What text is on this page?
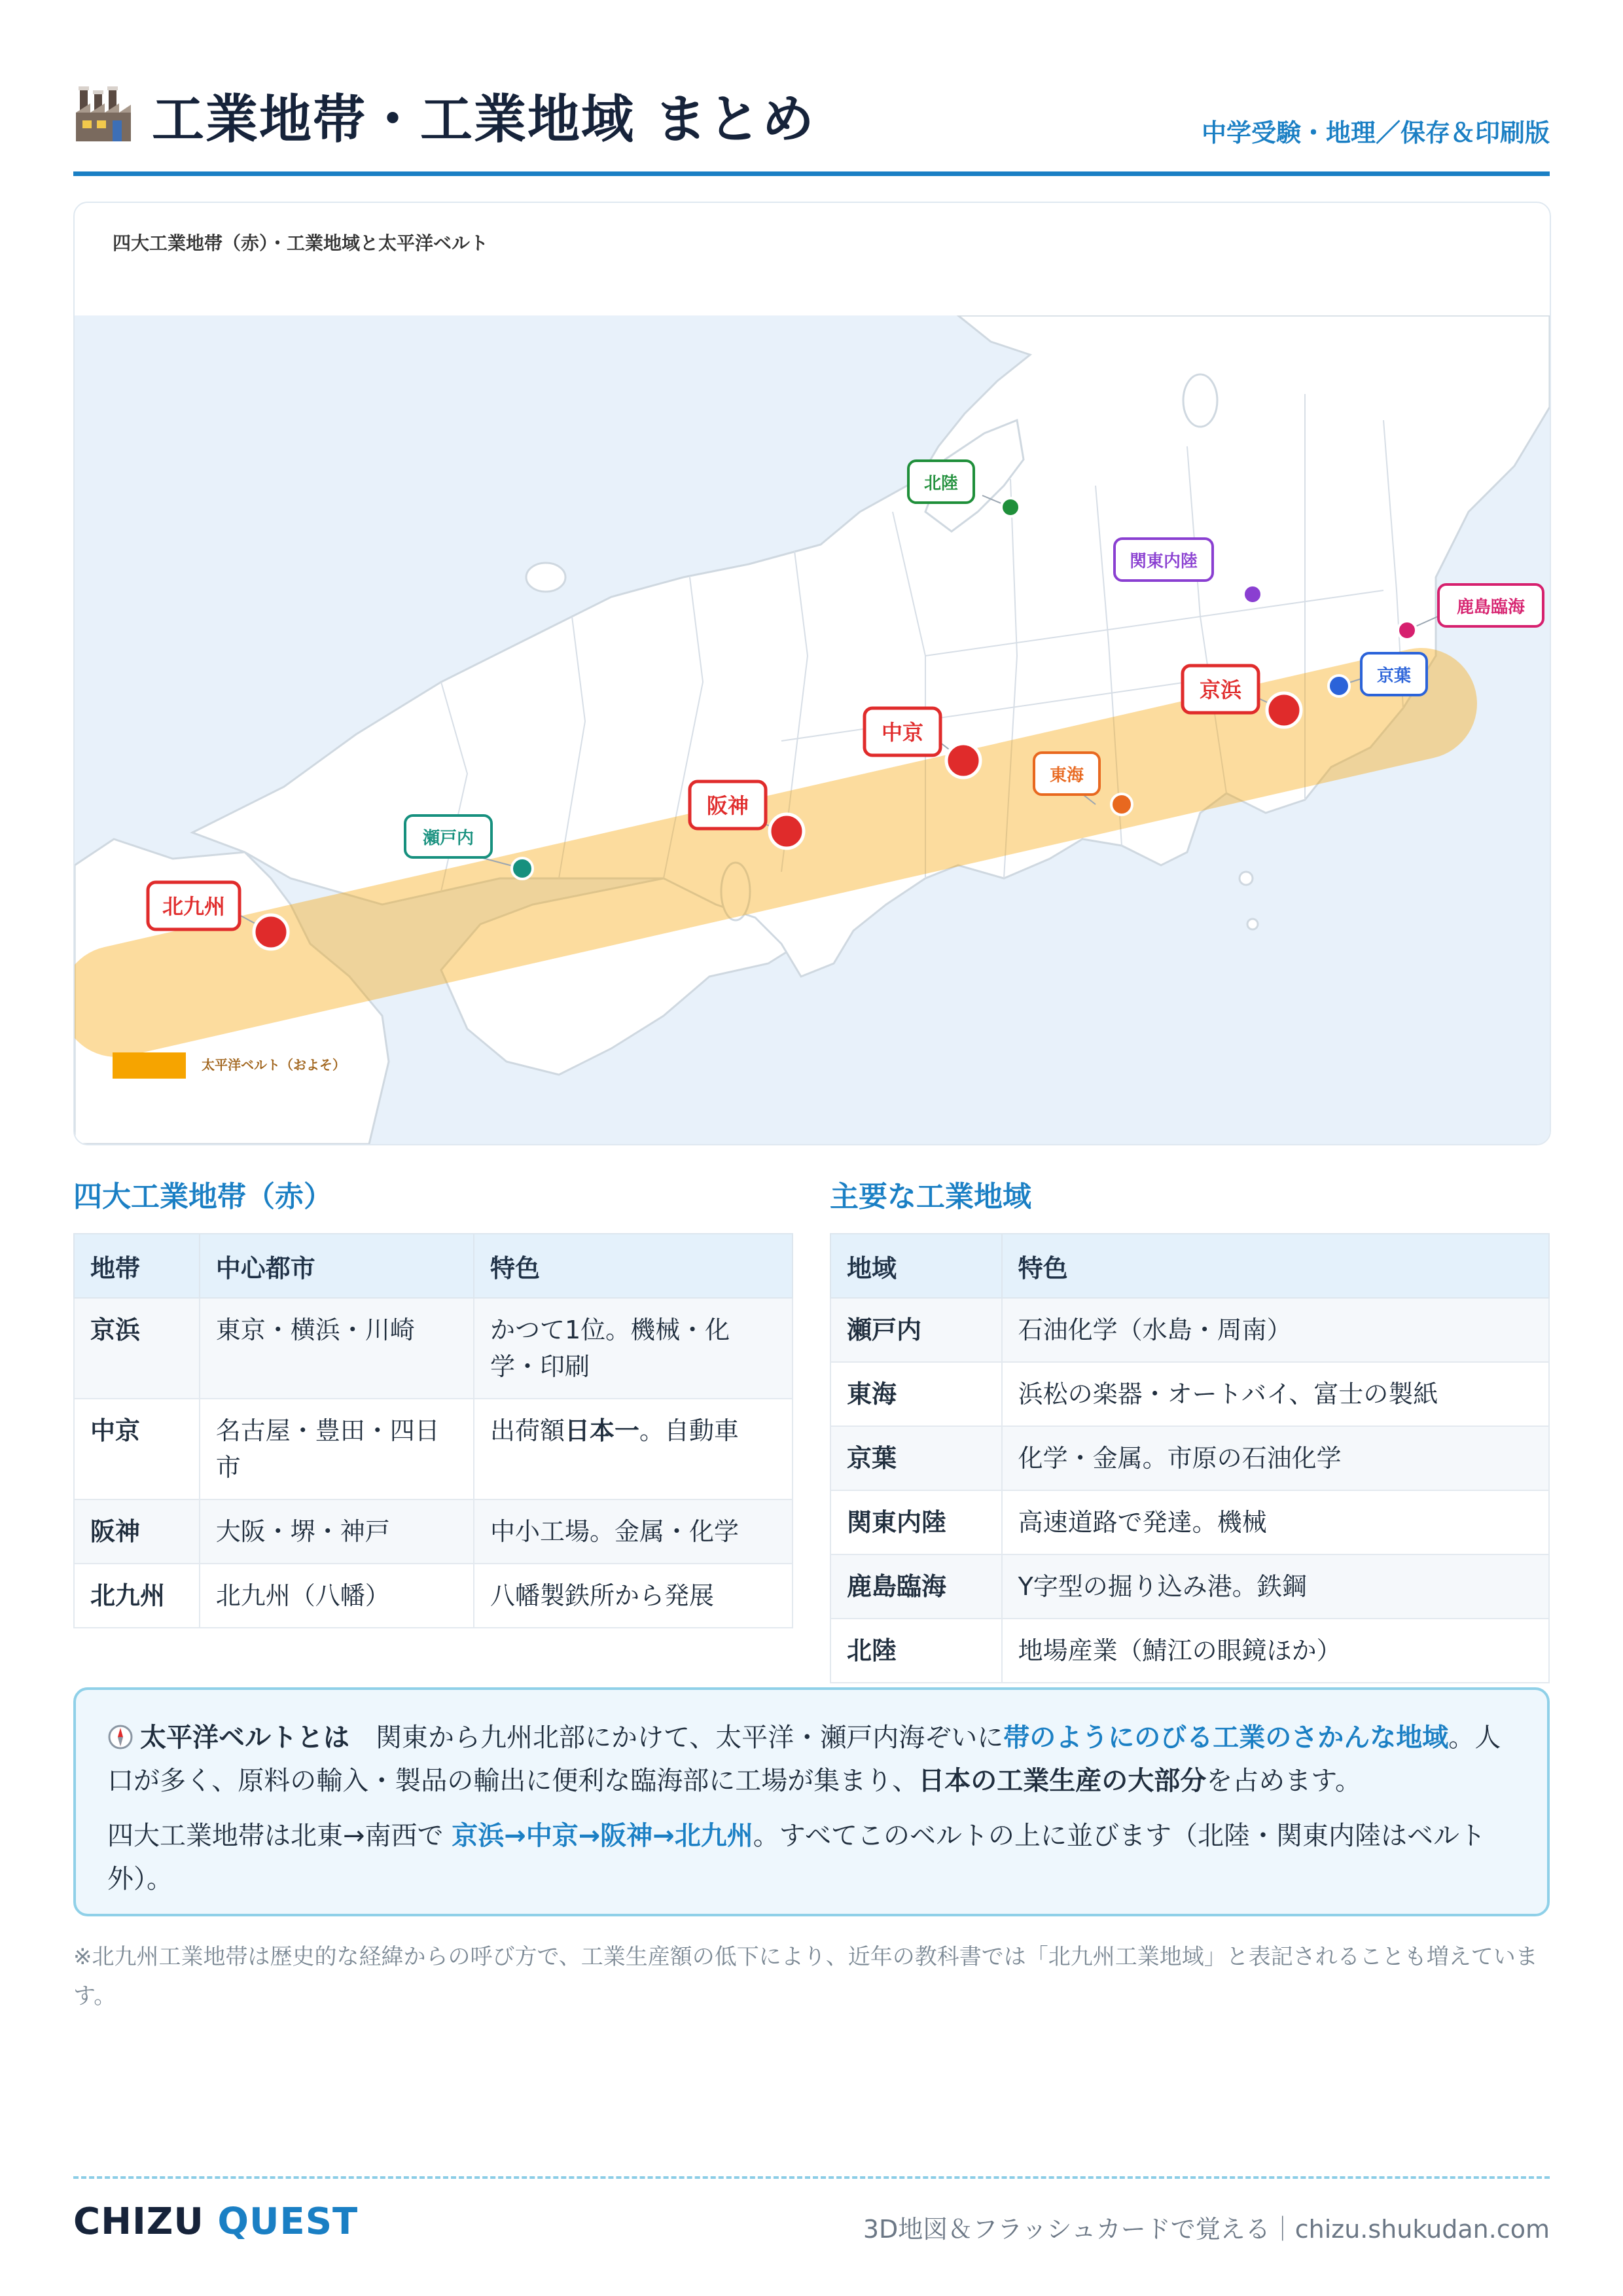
工業地帯・工業地域 まとめ	中学受験・地理／保存＆印刷版
四大工業地帯（赤）・工業地域と太平洋ベルト
太平洋ベルト（およそ）
北陸
関東内陸
鹿島臨海
京葉
京浜
中京
東海
阪神
瀬戸内
北九州
四大工業地帯（赤）
地帯	中心都市	特色
京浜	東京・横浜・川崎	かつて1位。機械・化学・印刷
中京	名古屋・豊田・四日市	出荷額日本一。自動車
阪神	大阪・堺・神戸	中小工場。金属・化学
北九州	北九州（八幡）	八幡製鉄所から発展
主要な工業地域
地域	特色
瀬戸内	石油化学（水島・周南）
東海	浜松の楽器・オートバイ、富士の製紙
京葉	化学・金属。市原の石油化学
関東内陸	高速道路で発達。機械
鹿島臨海	Y字型の掘り込み港。鉄鋼
北陸	地場産業（鯖江の眼鏡ほか）

太平洋ベルトとは　 関東から九州北部にかけて、太平洋・瀬戸内海ぞいに帯のようにのびる工業のさかんな地域。人口が多く、原料の輸入・製品の輸出に便利な臨海部に工場が集まり、日本の工業生産の大部分を占めます。

四大工業地帯は北東→南西で 京浜→中京→阪神→北九州。すべてこのベルトの上に並びます（北陸・関東内陸はベルト外）。

※北九州工業地帯は歴史的な経緯からの呼び方で、工業生産額の低下により、近年の教科書では「北九州工業地域」と表記されることも増えています。
CHIZU QUEST	3D地図＆フラッシュカードで覚える｜chizu.shukudan.com
